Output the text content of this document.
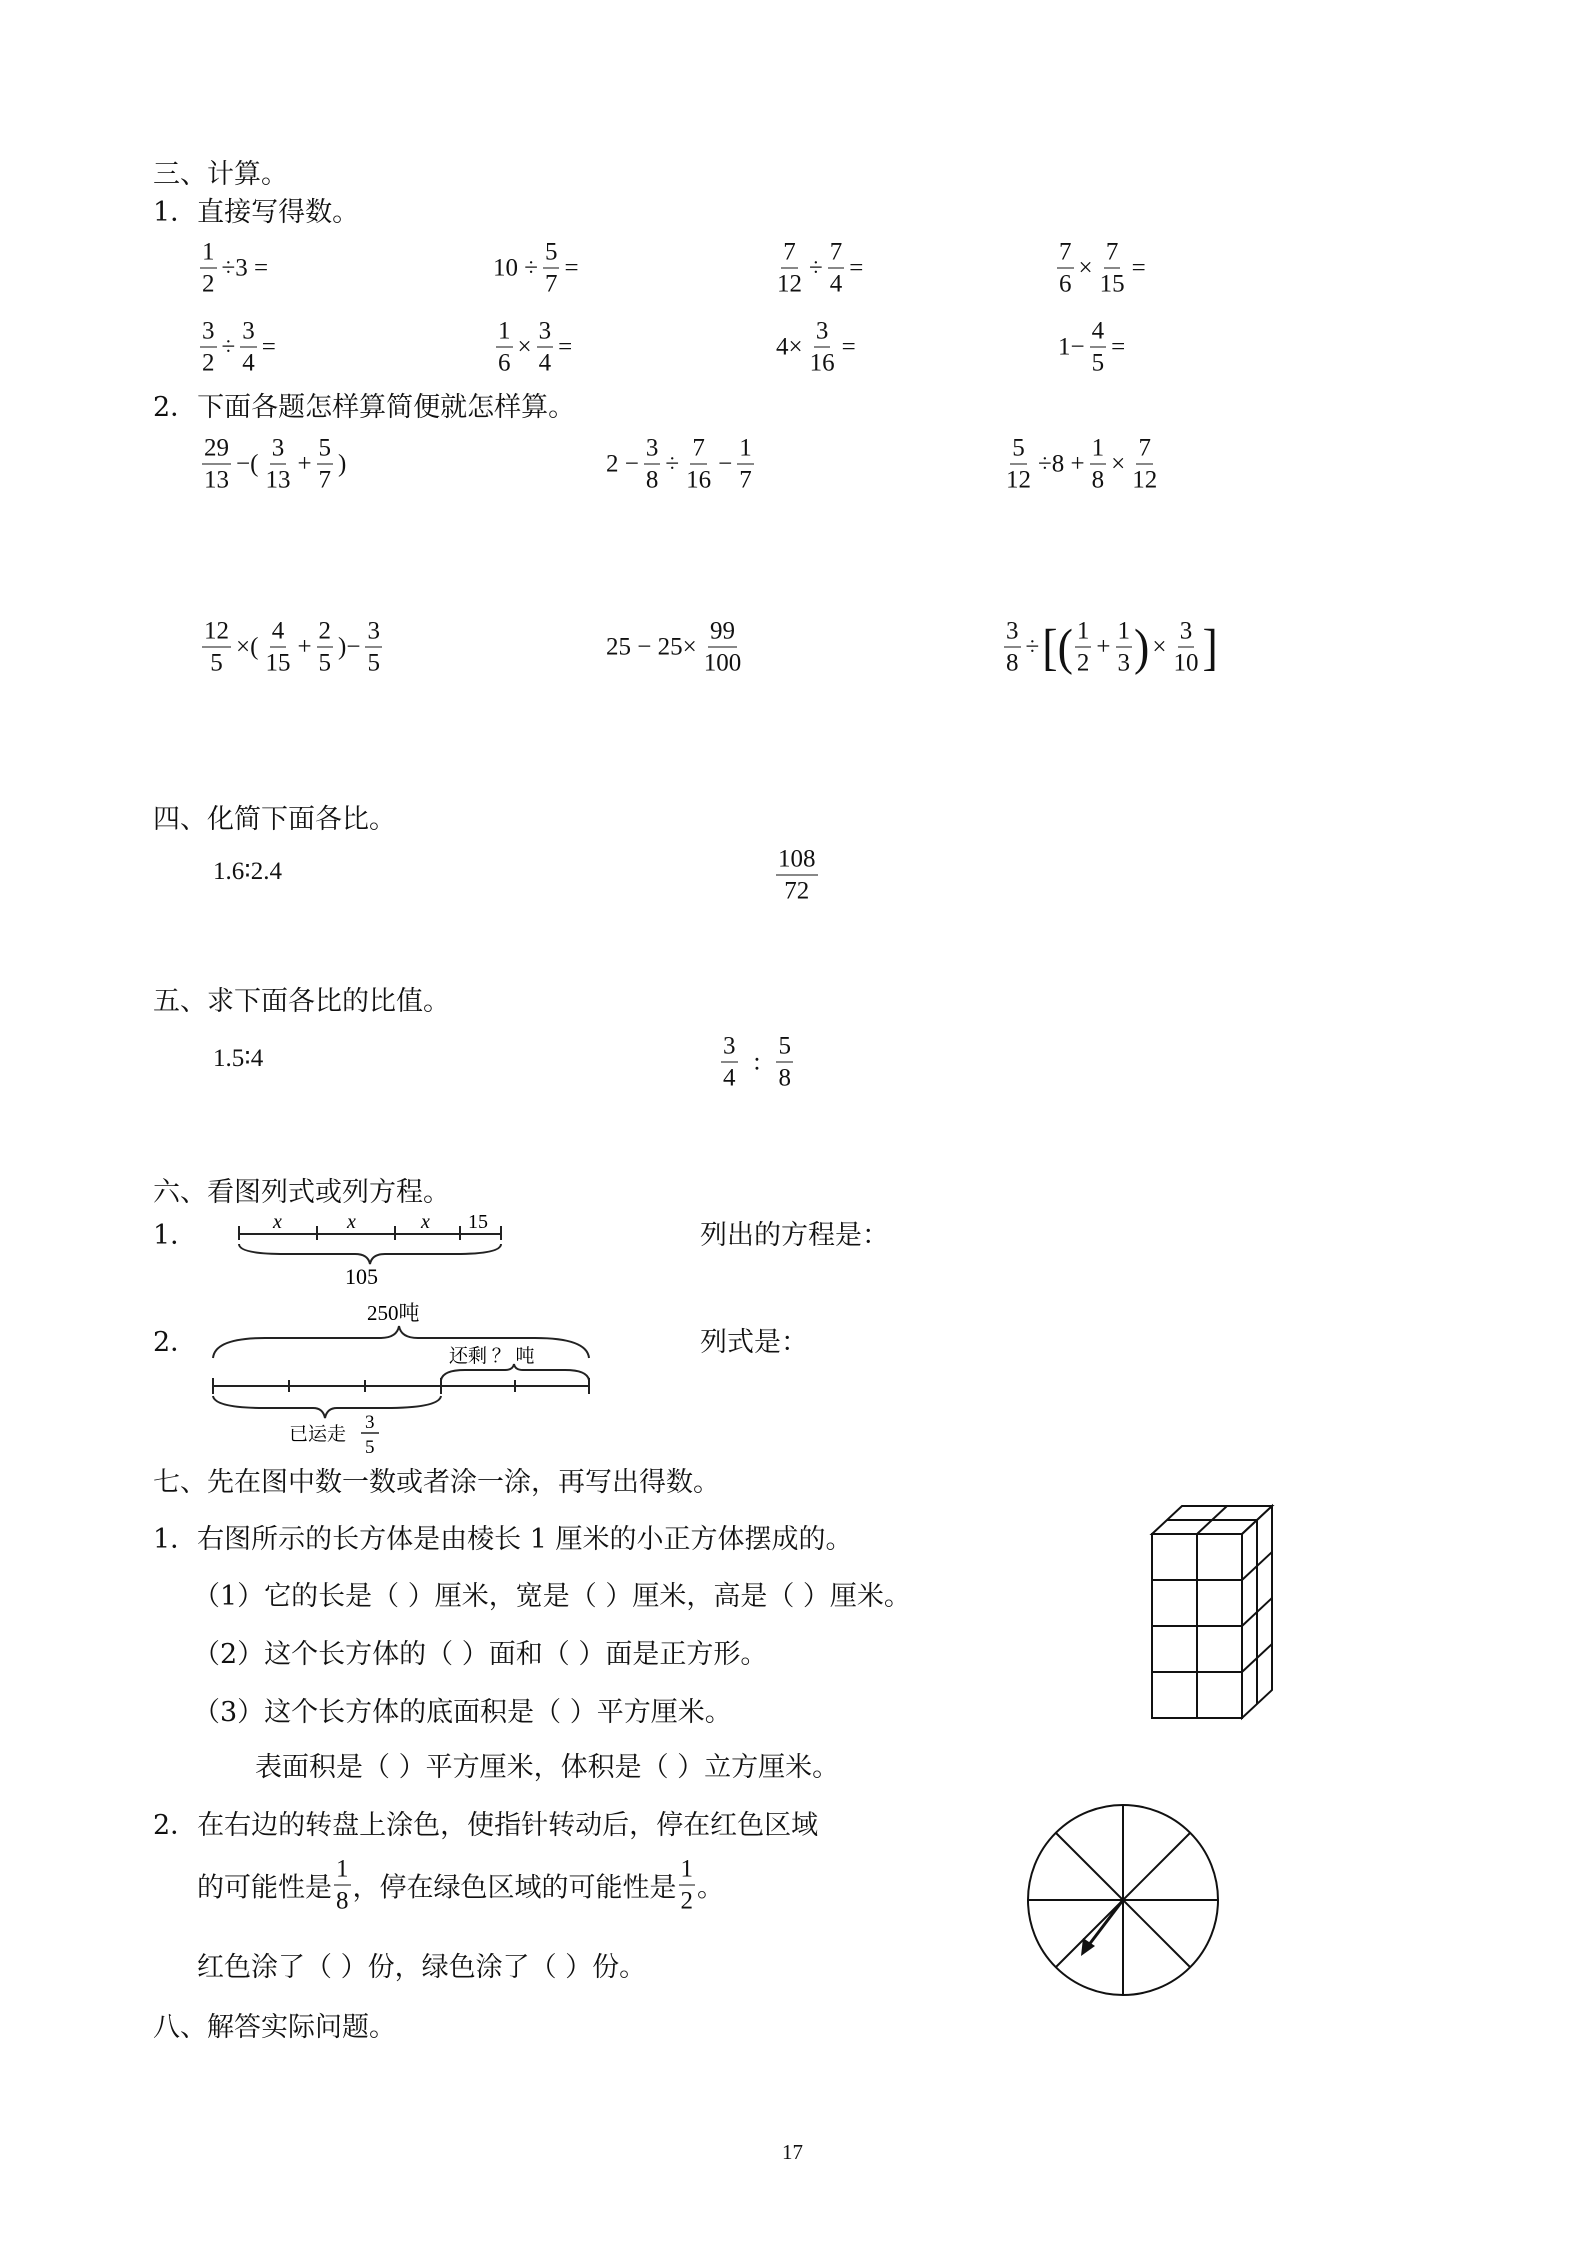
三、计算。
1．直接写得数。
$\frac{1}{2} \div 3$ =	$10 \div \frac{5}{7}$ =	$\frac{7}{12} \div \frac{7}{4}$ =	$\frac{7}{6} \times \frac{7}{15}$ =
$\frac{3}{2} \div \frac{3}{4}$ =	$\frac{1}{6} \times \frac{3}{4}$ =	$4\times \frac{3}{16}$ =	$1- \frac{4}{5}$ =
2．下面各题怎样算简便就怎样算。
$\frac{29}{13}$ −( $\frac{3}{13} + \frac{5}{7}$ )	$2 - \frac{3}{8} \div \frac{7}{16} - \frac{1}{7}$	$\frac{5}{12} \div 8 + \frac{1}{8} \times \frac{7}{12}$
$\frac{12}{5}$ ×( $\frac{4}{15} + \frac{2}{5}$ )− $\frac{3}{5}$	$25 - 25\times \frac{99}{100}$	$\frac{3}{8}$ ÷ [ ( $\frac{1}{2} + \frac{1}{3}$ ) × $\frac{3}{10}$ ]
四、化简下面各比。
1.6∶2.4	$\frac{108}{72}$
五、求下面各比的比值。
1.5∶4	$\frac{3}{4}$ : $\frac{5}{8}$
六、看图列式或列方程。
1．	x	x	x 15
105
列出的方程是：
2．
250吨
还剩 ？ 吨
已运走
3
5
列式是：
七、先在图中数一数或者涂一涂，再写出得数。
1．右图所示的长方体是由棱长 1 厘米的小正方体摆成的。
（1）它的长是（ ）厘米，宽是（ ）厘米，高是（ ）厘米。
（2）这个长方体的（ ）面和（ ）面是正方形。
（3）这个长方体的底面积是（ ）平方厘米。
表面积是（ ）平方厘米，体积是（ ）立方厘米。
2．在右边的转盘上涂色，使指针转动后，停在红色区域
的可能性是 $\frac{1}{8}$ ，停在绿色区域的可能性是 $\frac{1}{2}$ 。
红色涂了（ ）份，绿色涂了（ ）份。
八、解答实际问题。
17
